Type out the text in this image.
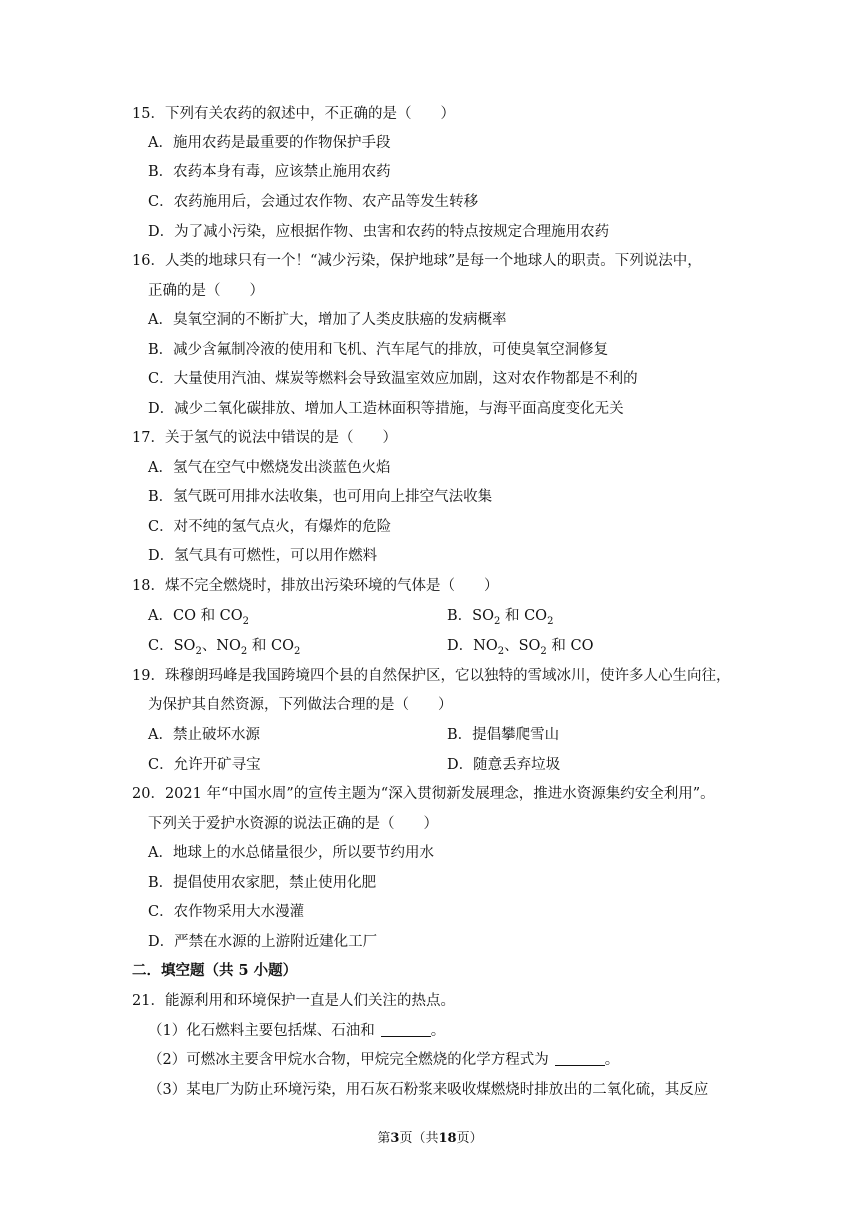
15．下列有关农药的叙述中，不正确的是（　　）
A．施用农药是最重要的作物保护手段
B．农药本身有毒，应该禁止施用农药
C．农药施用后，会通过农作物、农产品等发生转移
D．为了减小污染，应根据作物、虫害和农药的特点按规定合理施用农药
16．人类的地球只有一个！“减少污染，保护地球”是每一个地球人的职责。下列说法中，
正确的是（　　）
A．臭氧空洞的不断扩大，增加了人类皮肤癌的发病概率
B．减少含氟制冷液的使用和飞机、汽车尾气的排放，可使臭氧空洞修复
C．大量使用汽油、煤炭等燃料会导致温室效应加剧，这对农作物都是不利的
D．减少二氧化碳排放、增加人工造林面积等措施，与海平面高度变化无关
17．关于氢气的说法中错误的是（　　）
A．氢气在空气中燃烧发出淡蓝色火焰
B．氢气既可用排水法收集，也可用向上排空气法收集
C．对不纯的氢气点火，有爆炸的危险
D．氢气具有可燃性，可以用作燃料
18．煤不完全燃烧时，排放出污染环境的气体是（　　）
A．CO 和 $CO_2$	B．$SO_2$ 和 $CO_2$
C．$SO_2$、$NO_2$ 和 $CO_2$	D．$NO_2$、$SO_2$ 和 CO
19．珠穆朗玛峰是我国跨境四个县的自然保护区，它以独特的雪域冰川，使许多人心生向往，
为保护其自然资源，下列做法合理的是（　　）
A．禁止破坏水源	B．提倡攀爬雪山
C．允许开矿寻宝	D．随意丢弃垃圾
20．2021 年“中国水周”的宣传主题为“深入贯彻新发展理念，推进水资源集约安全利用”。
下列关于爱护水资源的说法正确的是（　　）
A．地球上的水总储量很少，所以要节约用水
B．提倡使用农家肥，禁止使用化肥
C．农作物采用大水漫灌
D．严禁在水源的上游附近建化工厂
二．填空题（共 5 小题）
21．能源利用和环境保护一直是人们关注的热点。
（1）化石燃料主要包括煤、石油和	。
（2）可燃冰主要含甲烷水合物，甲烷完全燃烧的化学方程式为	。
（3）某电厂为防止环境污染，用石灰石粉浆来吸收煤燃烧时排放出的二氧化硫，其反应
第3页（共18页）
